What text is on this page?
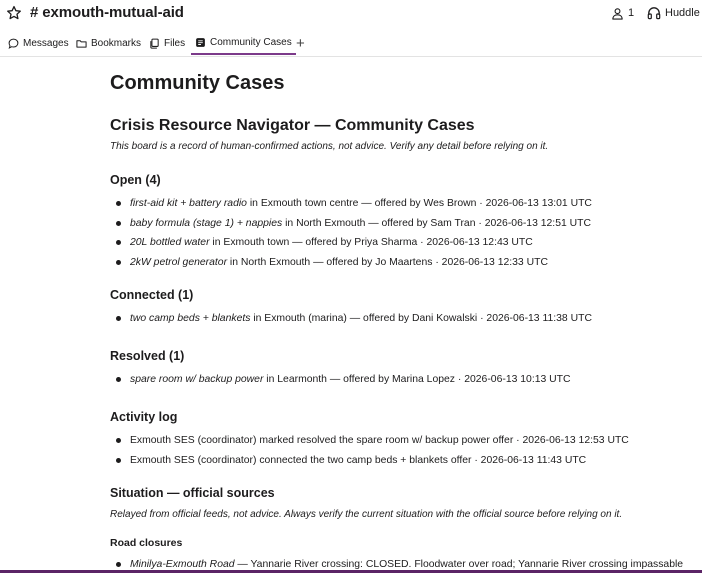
# exmouth-mutual-aid	1	Huddle
Messages Bookmarks Files Community Cases +
Community Cases
Crisis Resource Navigator — Community Cases

This board is a record of human-confirmed actions, not advice. Verify any detail before relying on it.

Open (4)
first-aid kit + battery radio in Exmouth town centre — offered by Wes Brown · 2026-06-13 13:01 UTC
baby formula (stage 1) + nappies in North Exmouth — offered by Sam Tran · 2026-06-13 12:51 UTC
20L bottled water in Exmouth town — offered by Priya Sharma · 2026-06-13 12:43 UTC
2kW petrol generator in North Exmouth — offered by Jo Maartens · 2026-06-13 12:33 UTC
Connected (1)
two camp beds + blankets in Exmouth (marina) — offered by Dani Kowalski · 2026-06-13 11:38 UTC
Resolved (1)
spare room w/ backup power in Learmonth — offered by Marina Lopez · 2026-06-13 10:13 UTC
Activity log
Exmouth SES (coordinator) marked resolved the spare room w/ backup power offer · 2026-06-13 12:53 UTC
Exmouth SES (coordinator) connected the two camp beds + blankets offer · 2026-06-13 11:43 UTC
Situation — official sources

Relayed from official feeds, not advice. Always verify the current situation with the official source before relying on it.

Road closures
Minilya-Exmouth Road — Yannarie River crossing: CLOSED. Floodwater over road; Yannarie River crossing impassable
